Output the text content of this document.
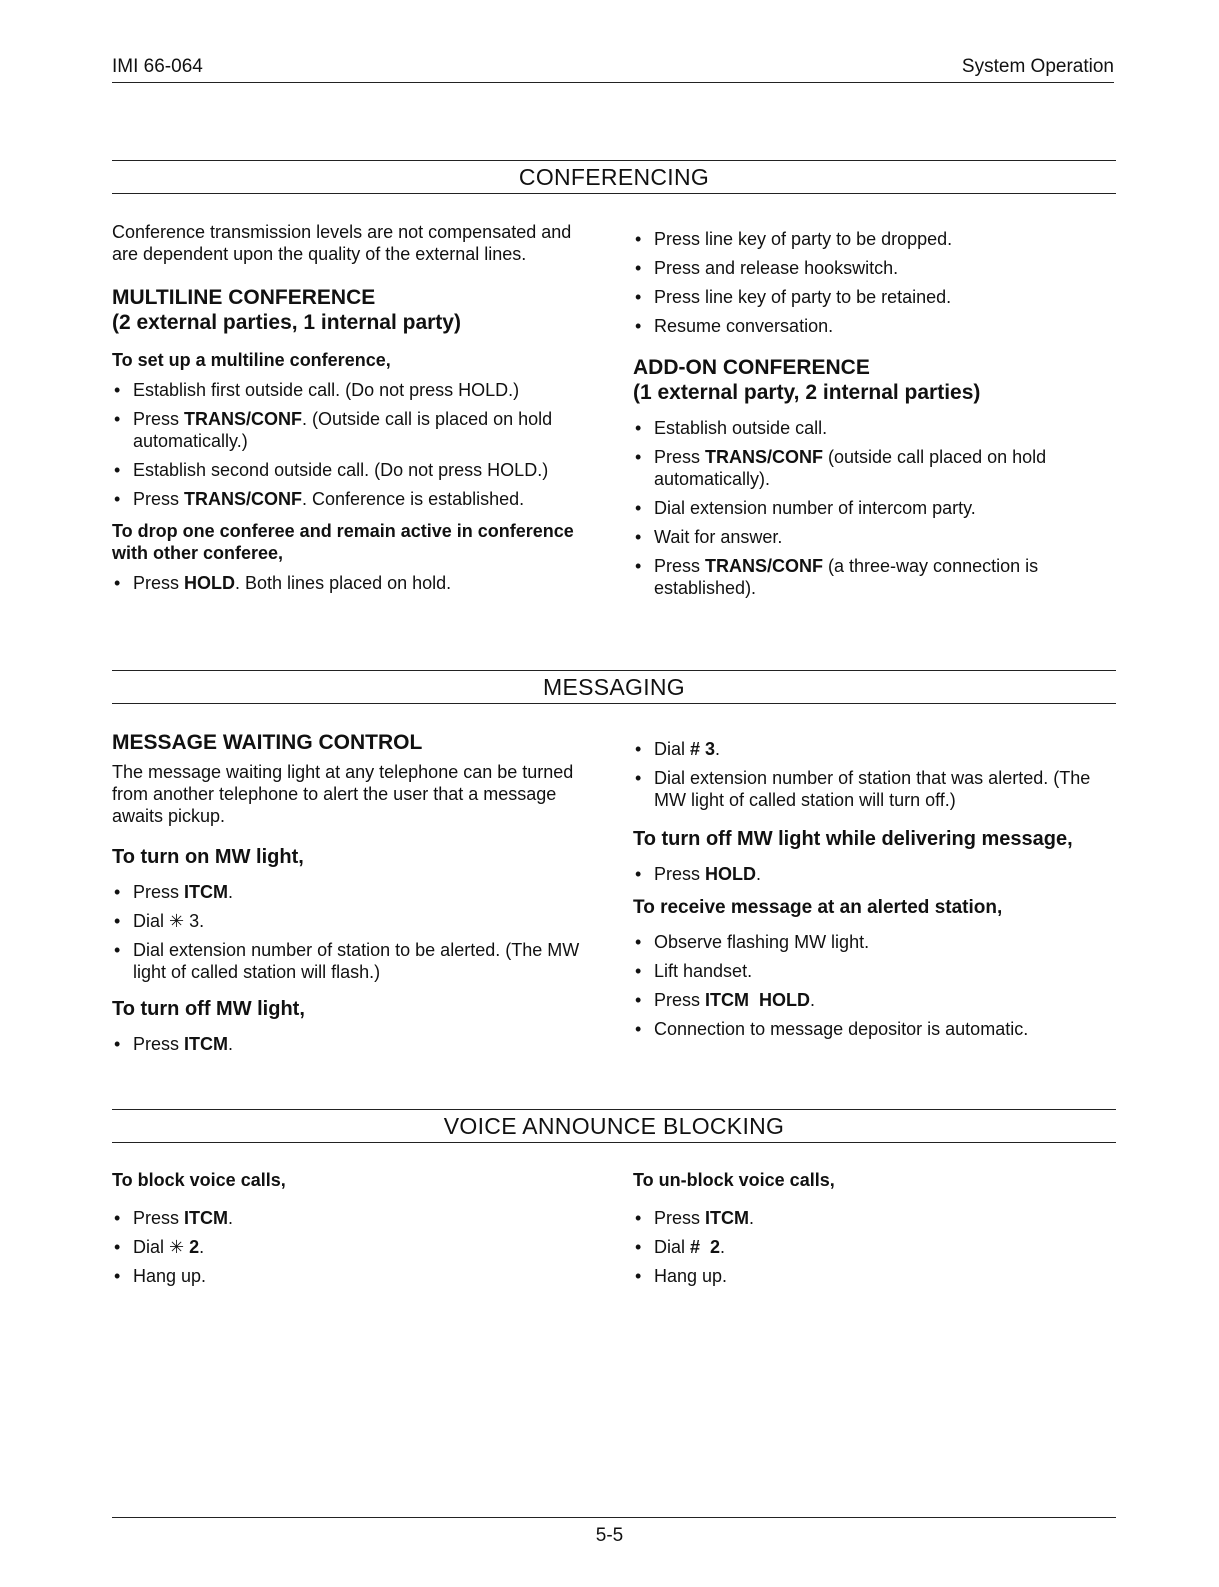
IMI 66-064	System Operation
CONFERENCING

Conference transmission levels are not compensated and are dependent upon the quality of the external lines.

MULTILINE CONFERENCE

(2 external parties, 1 internal party)

To set up a multiline conference,

• Establish first outside call. (Do not press HOLD.)
• Press TRANS/CONF. (Outside call is placed on hold automatically.)
• Establish second outside call. (Do not press HOLD.)
• Press TRANS/CONF. Conference is established.

To drop one conferee and remain active in conference with other conferee,

• Press HOLD. Both lines placed on hold.
• Press line key of party to be dropped.
• Press and release hookswitch.
• Press line key of party to be retained.
• Resume conversation.

ADD-ON CONFERENCE

(1 external party, 2 internal parties)

• Establish outside call.
• Press TRANS/CONF (outside call placed on hold automatically).
• Dial extension number of intercom party.
• Wait for answer.
• Press TRANS/CONF (a three-way connection is established).
MESSAGING

MESSAGE WAITING CONTROL

The message waiting light at any telephone can be turned from another telephone to alert the user that a message awaits pickup.

To turn on MW light,

• Press ITCM.
• Dial ✳ 3.
• Dial extension number of station to be alerted. (The MW light of called station will flash.)

To turn off MW light,

• Press ITCM.
• Dial # 3.
• Dial extension number of station that was alerted. (The MW light of called station will turn off.)

To turn off MW light while delivering message,

• Press HOLD.

To receive message at an alerted station,

• Observe flashing MW light.
• Lift handset.
• Press ITCM  HOLD.
• Connection to message depositor is automatic.
VOICE ANNOUNCE BLOCKING

To block voice calls,

• Press ITCM.
• Dial ✳ 2.
• Hang up.

To un-block voice calls,

• Press ITCM.
• Dial #  2.
• Hang up.
5-5
